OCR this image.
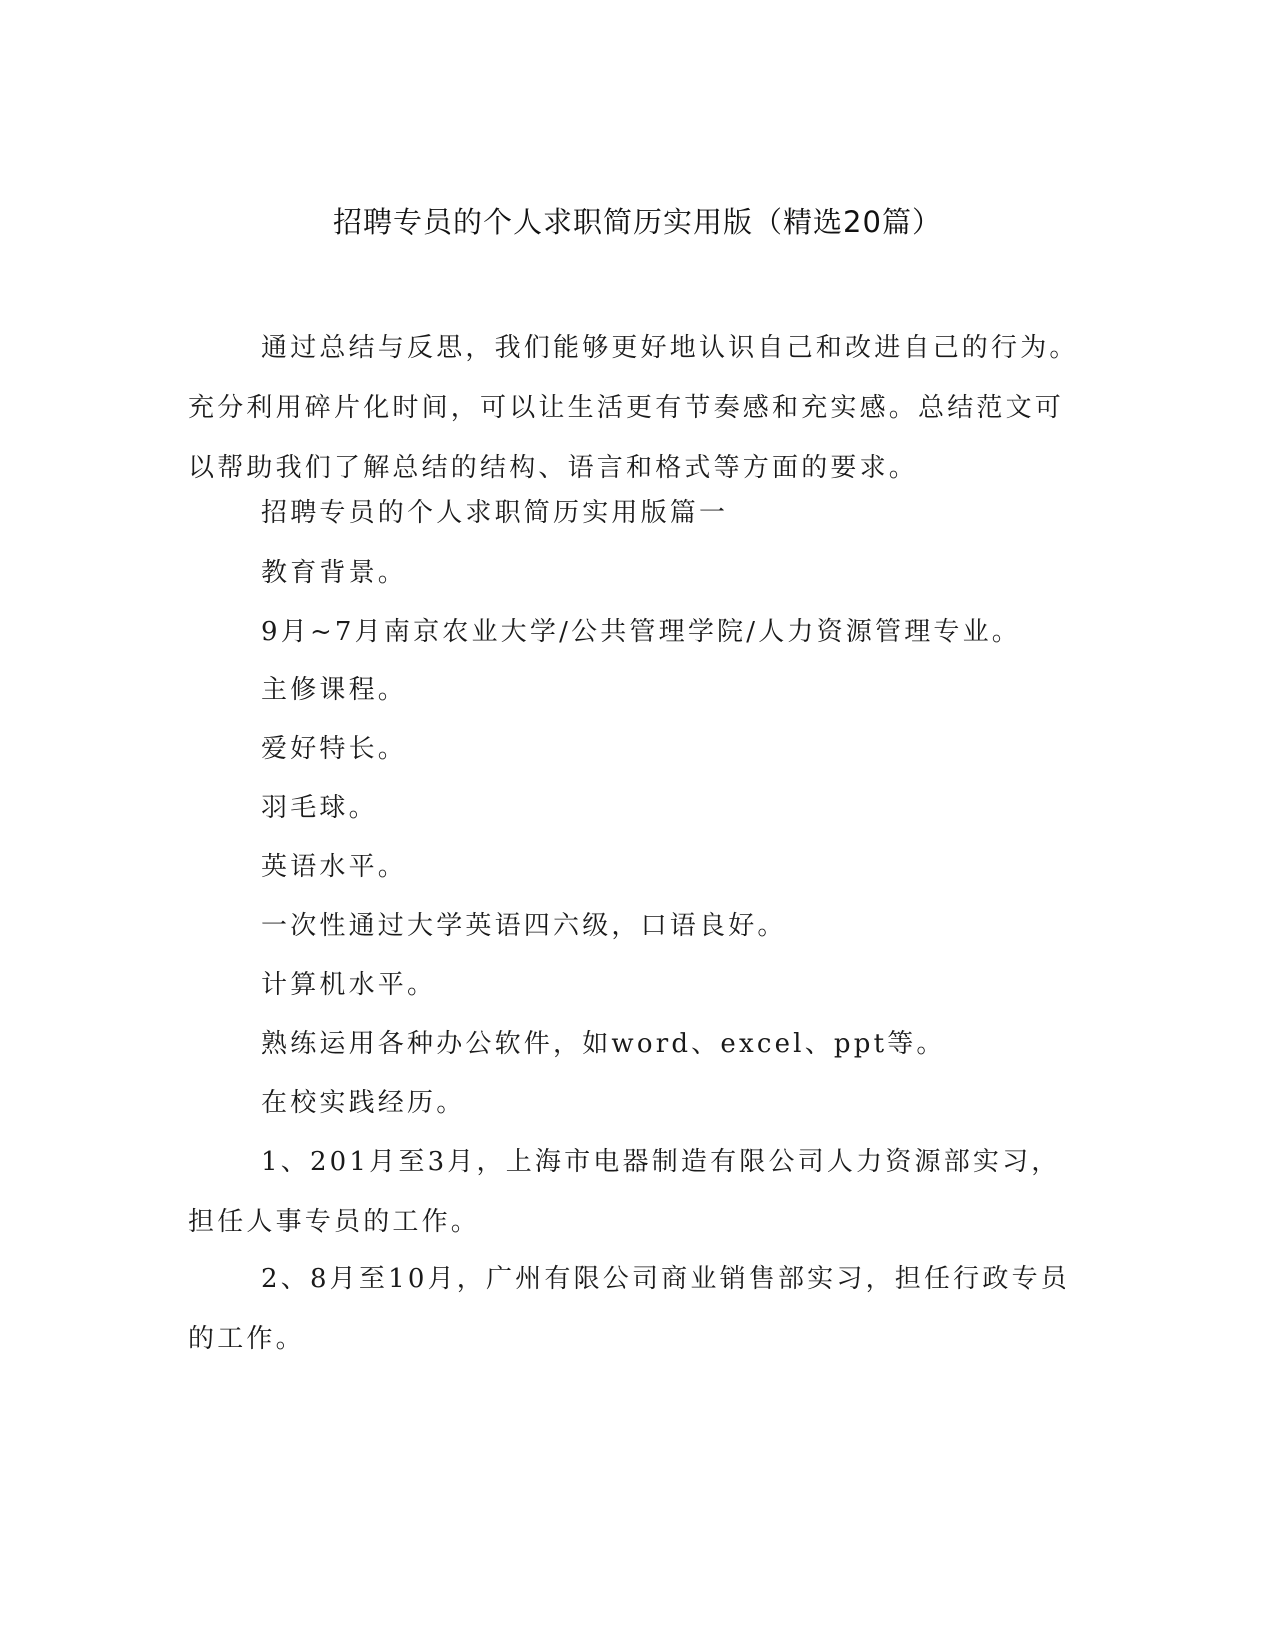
招聘专员的个人求职简历实用版（精选20篇）

通过总结与反思，我们能够更好地认识自己和改进自己的行为。充分利用碎片化时间，可以让生活更有节奏感和充实感。总结范文可以帮助我们了解总结的结构、语言和格式等方面的要求。

招聘专员的个人求职简历实用版篇一
教育背景。
9月~7月南京农业大学/公共管理学院/人力资源管理专业。
主修课程。
爱好特长。
羽毛球。
英语水平。
一次性通过大学英语四六级，口语良好。
计算机水平。
熟练运用各种办公软件，如word、excel、ppt等。
在校实践经历。

1、201月至3月，上海市电器制造有限公司人力资源部实习，担任人事专员的工作。

2、8月至10月，广州有限公司商业销售部实习，担任行政专员的工作。
